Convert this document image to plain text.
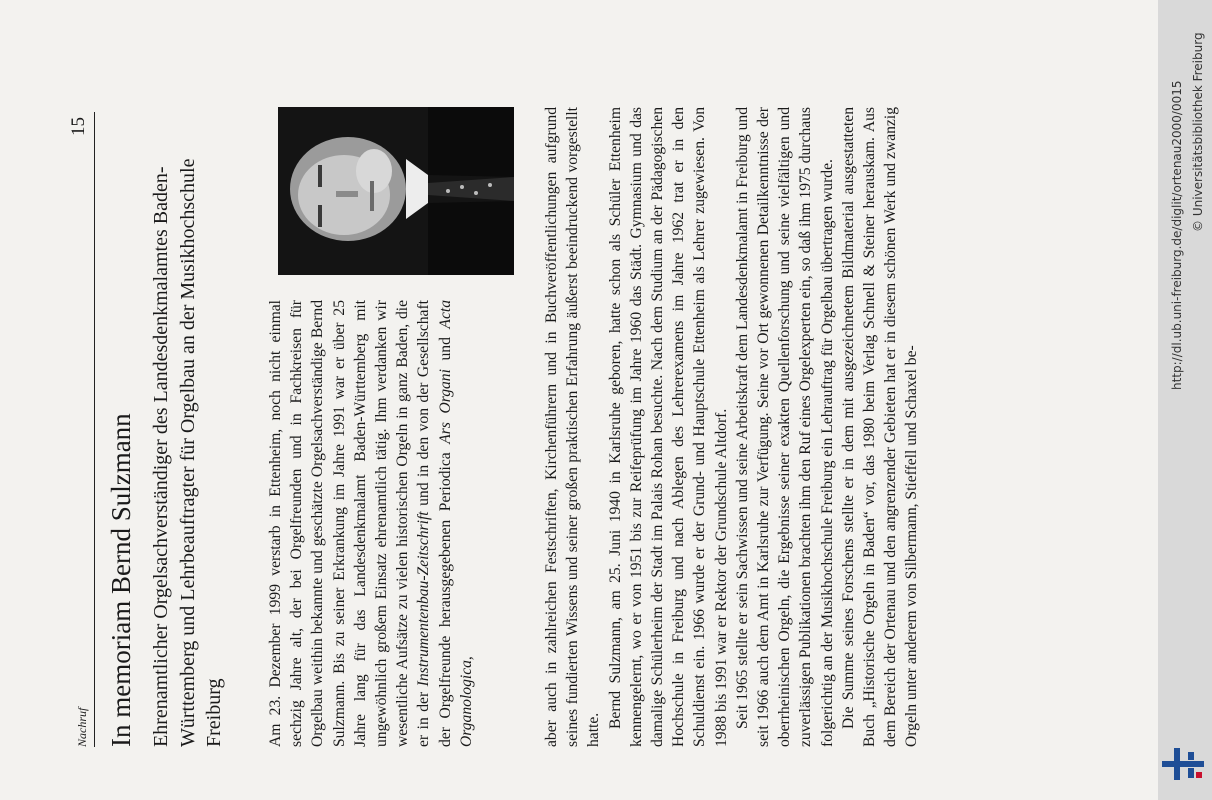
Nachruf
15
In memoriam Bernd Sulzmann Ehrenamtlicher Orgelsachverständiger des Landesdenkmalamtes Baden-Württemberg und Lehrbeauftragter für Orgelbau an der Musikhochschule Freiburg	Am 23. Dezember 1999 verstarb in Ettenheim, noch nicht einmal sechzig Jahre alt, der bei Orgelfreunden und in Fachkreisen für Orgelbau weithin bekannte und geschätzte Orgelsachverständige Bernd Sulzmann. Bis zu seiner Erkrankung im Jahre 1991 war er über 25 Jahre lang für das Landesdenkmalamt Baden-Württemberg mit ungewöhnlich großem Einsatz ehrenamtlich tätig. Ihm verdanken wir wesentliche Aufsätze zu vielen historischen Orgeln in ganz Baden, die er in der Instrumentenbau-Zeitschrift und in den von der Gesellschaft der Orgelfreunde herausgegebenen Periodica Ars Organi und Acta Organologica,	aber auch in zahlreichen Festschriften, Kirchenführern und in Buchveröffentlichungen aufgrund seines fundierten Wissens und seiner großen praktischen Erfahrung äußerst beeindruckend vorgestellt hatte.

Bernd Sulzmann, am 25. Juni 1940 in Karlsruhe geboren, hatte schon als Schüler Ettenheim kennengelernt, wo er von 1951 bis zur Reifeprüfung im Jahre 1960 das Städt. Gymnasium und das damalige Schülerheim der Stadt im Palais Rohan besuchte. Nach dem Studium an der Pädagogischen Hochschule in Freiburg und nach Ablegen des Lehrerexamens im Jahre 1962 trat er in den Schuldienst ein. 1966 wurde er der Grund- und Hauptschule Ettenheim als Lehrer zugewiesen. Von 1988 bis 1991 war er Rektor der Grundschule Altdorf. Seit 1965 stellte er sein Sachwissen und seine Arbeitskraft dem Landesdenkmalamt in Freiburg und seit 1966 auch dem Amt in Karlsruhe zur Verfügung. Seine vor Ort gewonnenen Detailkenntnisse der oberrheinischen Orgeln, die Ergebnisse seiner exakten Quellenforschung und seine vielfältigen und zuverlässigen Publikationen brachten ihm den Ruf eines Orgelexperten ein, so daß ihm 1975 durchaus folgerichtig an der Musikhochschule Freiburg ein Lehrauftrag für Orgelbau übertragen wurde. Die Summe seines Forschens stellte er in dem mit ausgezeichnetem Bildmaterial ausgestatteten Buch „Historische Orgeln in Baden“ vor, das 1980 beim Verlag Schnell & Steiner herauskam. Aus dem Bereich der Ortenau und den angrenzender Gebieten hat er in diesem schönen Werk und zwanzig Orgeln unter anderem von Silbermann, Stieffell und Schaxel be-

http://dl.ub.uni-freiburg.de/diglit/ortenau2000/0015 © Universitätsbibliothek Freiburg
